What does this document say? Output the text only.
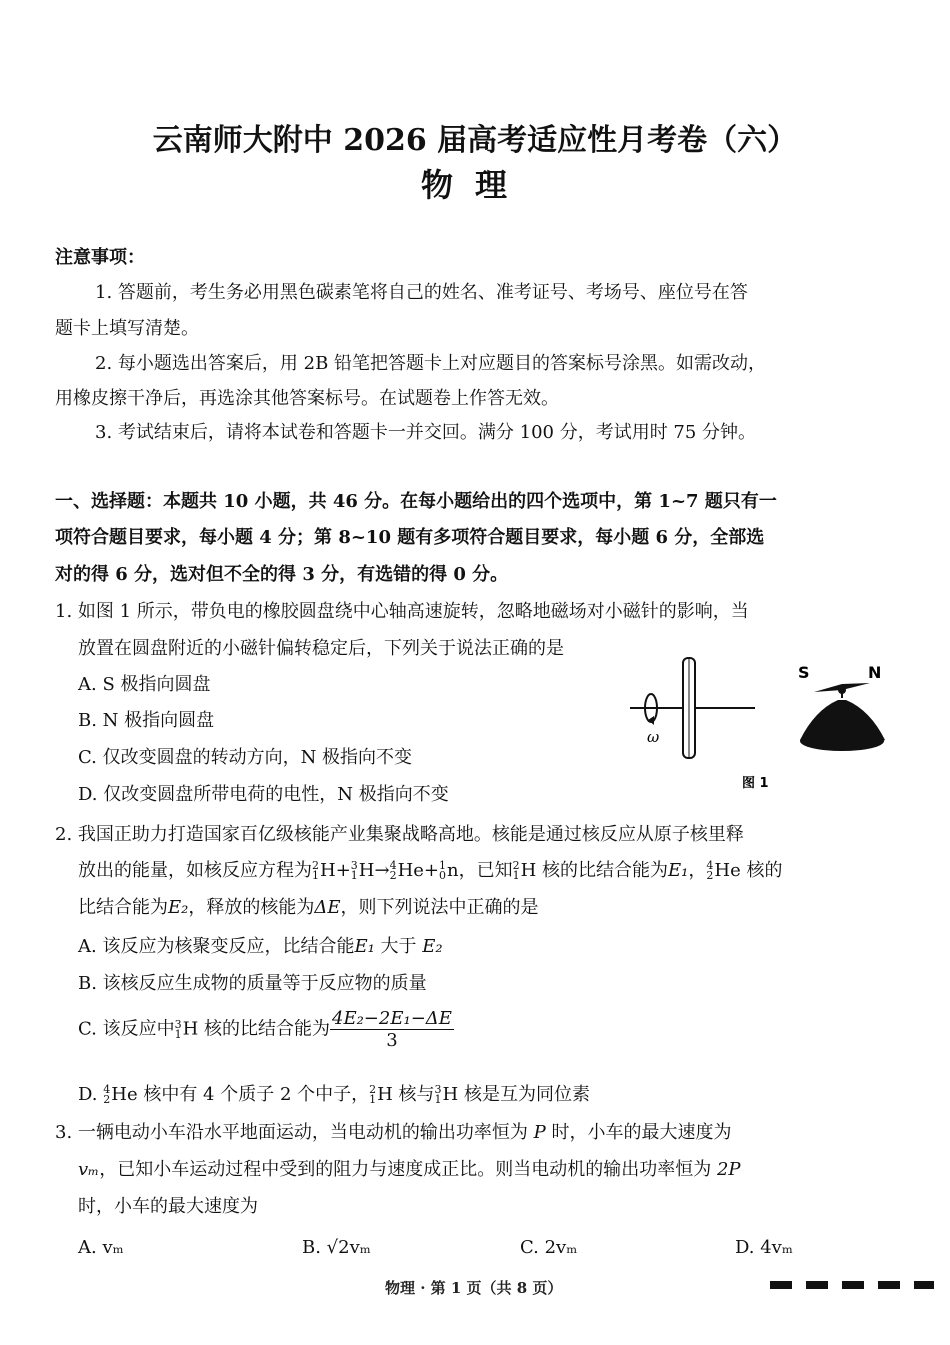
云南师大附中 2026 届高考适应性月考卷（六）
物理
注意事项：
1. 答题前，考生务必用黑色碳素笔将自己的姓名、准考证号、考场号、座位号在答
题卡上填写清楚。
2. 每小题选出答案后，用 2B 铅笔把答题卡上对应题目的答案标号涂黑。如需改动，
用橡皮擦干净后，再选涂其他答案标号。在试题卷上作答无效。
3. 考试结束后，请将本试卷和答题卡一并交回。满分 100 分，考试用时 75 分钟。
一、选择题：本题共 10 小题，共 46 分。在每小题给出的四个选项中，第 1~7 题只有一
项符合题目要求，每小题 4 分；第 8~10 题有多项符合题目要求，每小题 6 分，全部选
对的得 6 分，选对但不全的得 3 分，有选错的得 0 分。
1. 如图 1 所示，带负电的橡胶圆盘绕中心轴高速旋转，忽略地磁场对小磁针的影响，当
放置在圆盘附近的小磁针偏转稳定后，下列关于说法正确的是
A. S 极指向圆盘
B. N 极指向圆盘
C. 仅改变圆盘的转动方向，N 极指向不变
D. 仅改变圆盘所带电荷的电性，N 极指向不变
ω
S	N
图 1
2. 我国正助力打造国家百亿级核能产业集聚战略高地。核能是通过核反应从原子核里释
放出的能量，如核反应方程为2
1H+3
1H→4
2He+1
0n，已知2
1H 核的比结合能为E₁，4
2He 核的
比结合能为E₂，释放的核能为ΔE，则下列说法中正确的是
A. 该反应为核聚变反应，比结合能E₁ 大于 E₂
B. 该核反应生成物的质量等于反应物的质量
C. 该反应中3
1H 核的比结合能为 $\frac{\text{4E₂−2E₁−ΔE}}{3}$
D. 4
2He 核中有 4 个质子 2 个中子，2
1H 核与3
1H 核是互为同位素
3. 一辆电动小车沿水平地面运动，当电动机的输出功率恒为 P 时，小车的最大速度为
vₘ，已知小车运动过程中受到的阻力与速度成正比。则当电动机的输出功率恒为 2P
时，小车的最大速度为
A. vₘ	B. √2vₘ	C. 2vₘ	D. 4vₘ
物理 · 第 1 页（共 8 页）
